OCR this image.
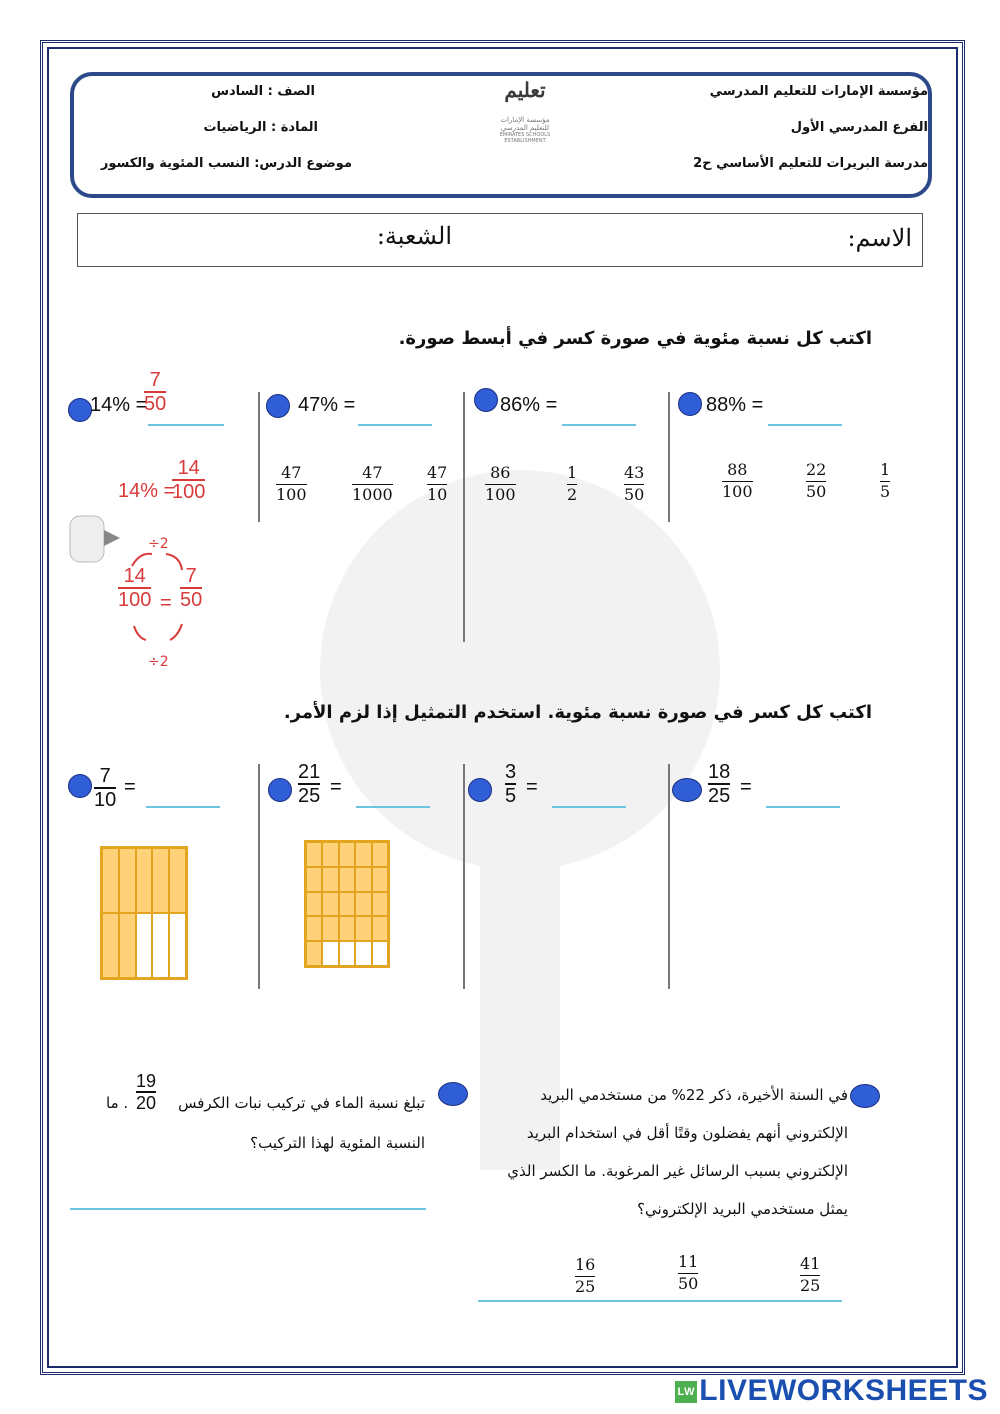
مؤسسة الإمارات للتعليم المدرسي
الفرع المدرسي الأول
مدرسة البريرات للتعليم الأساسي ح2
الصف : السادس
المادة : الرياضيات
موضوع الدرس: النسب المئوية والكسور
تعليم
مؤسسة الإمارات
للتعليم المدرسي
EMIRATES SCHOOLS
ESTABLISHMENT
الاسم:
الشعبة:
اكتب كل نسبة مئوية في صورة كسر في أبسط صورة.
14% =
7
50
14% =
14
100
÷2
14
100 =
7
50
÷2
47% =
47
100
47
1000
47
10
86% =
86
100
1
2
43
50
88% =
88
100
22
50
1
5
اكتب كل كسر في صورة نسبة مئوية. استخدم التمثيل إذا لزم الأمر.
7
10
=
21
25 =
3
5 =
18
25 =
في السنة الأخيرة، ذكر 22% من مستخدمي البريد
الإلكتروني أنهم يفضلون وقتًا أقل في استخدام البريد
الإلكتروني بسبب الرسائل غير المرغوبة. ما الكسر الذي
يمثل مستخدمي البريد الإلكتروني؟
16
25
11
50
41
25
تبلغ نسبة الماء في تركيب نبات الكرفس
19
20
. ما
النسبة المئوية لهذا التركيب؟
LW LIVEWORKSHEETS
